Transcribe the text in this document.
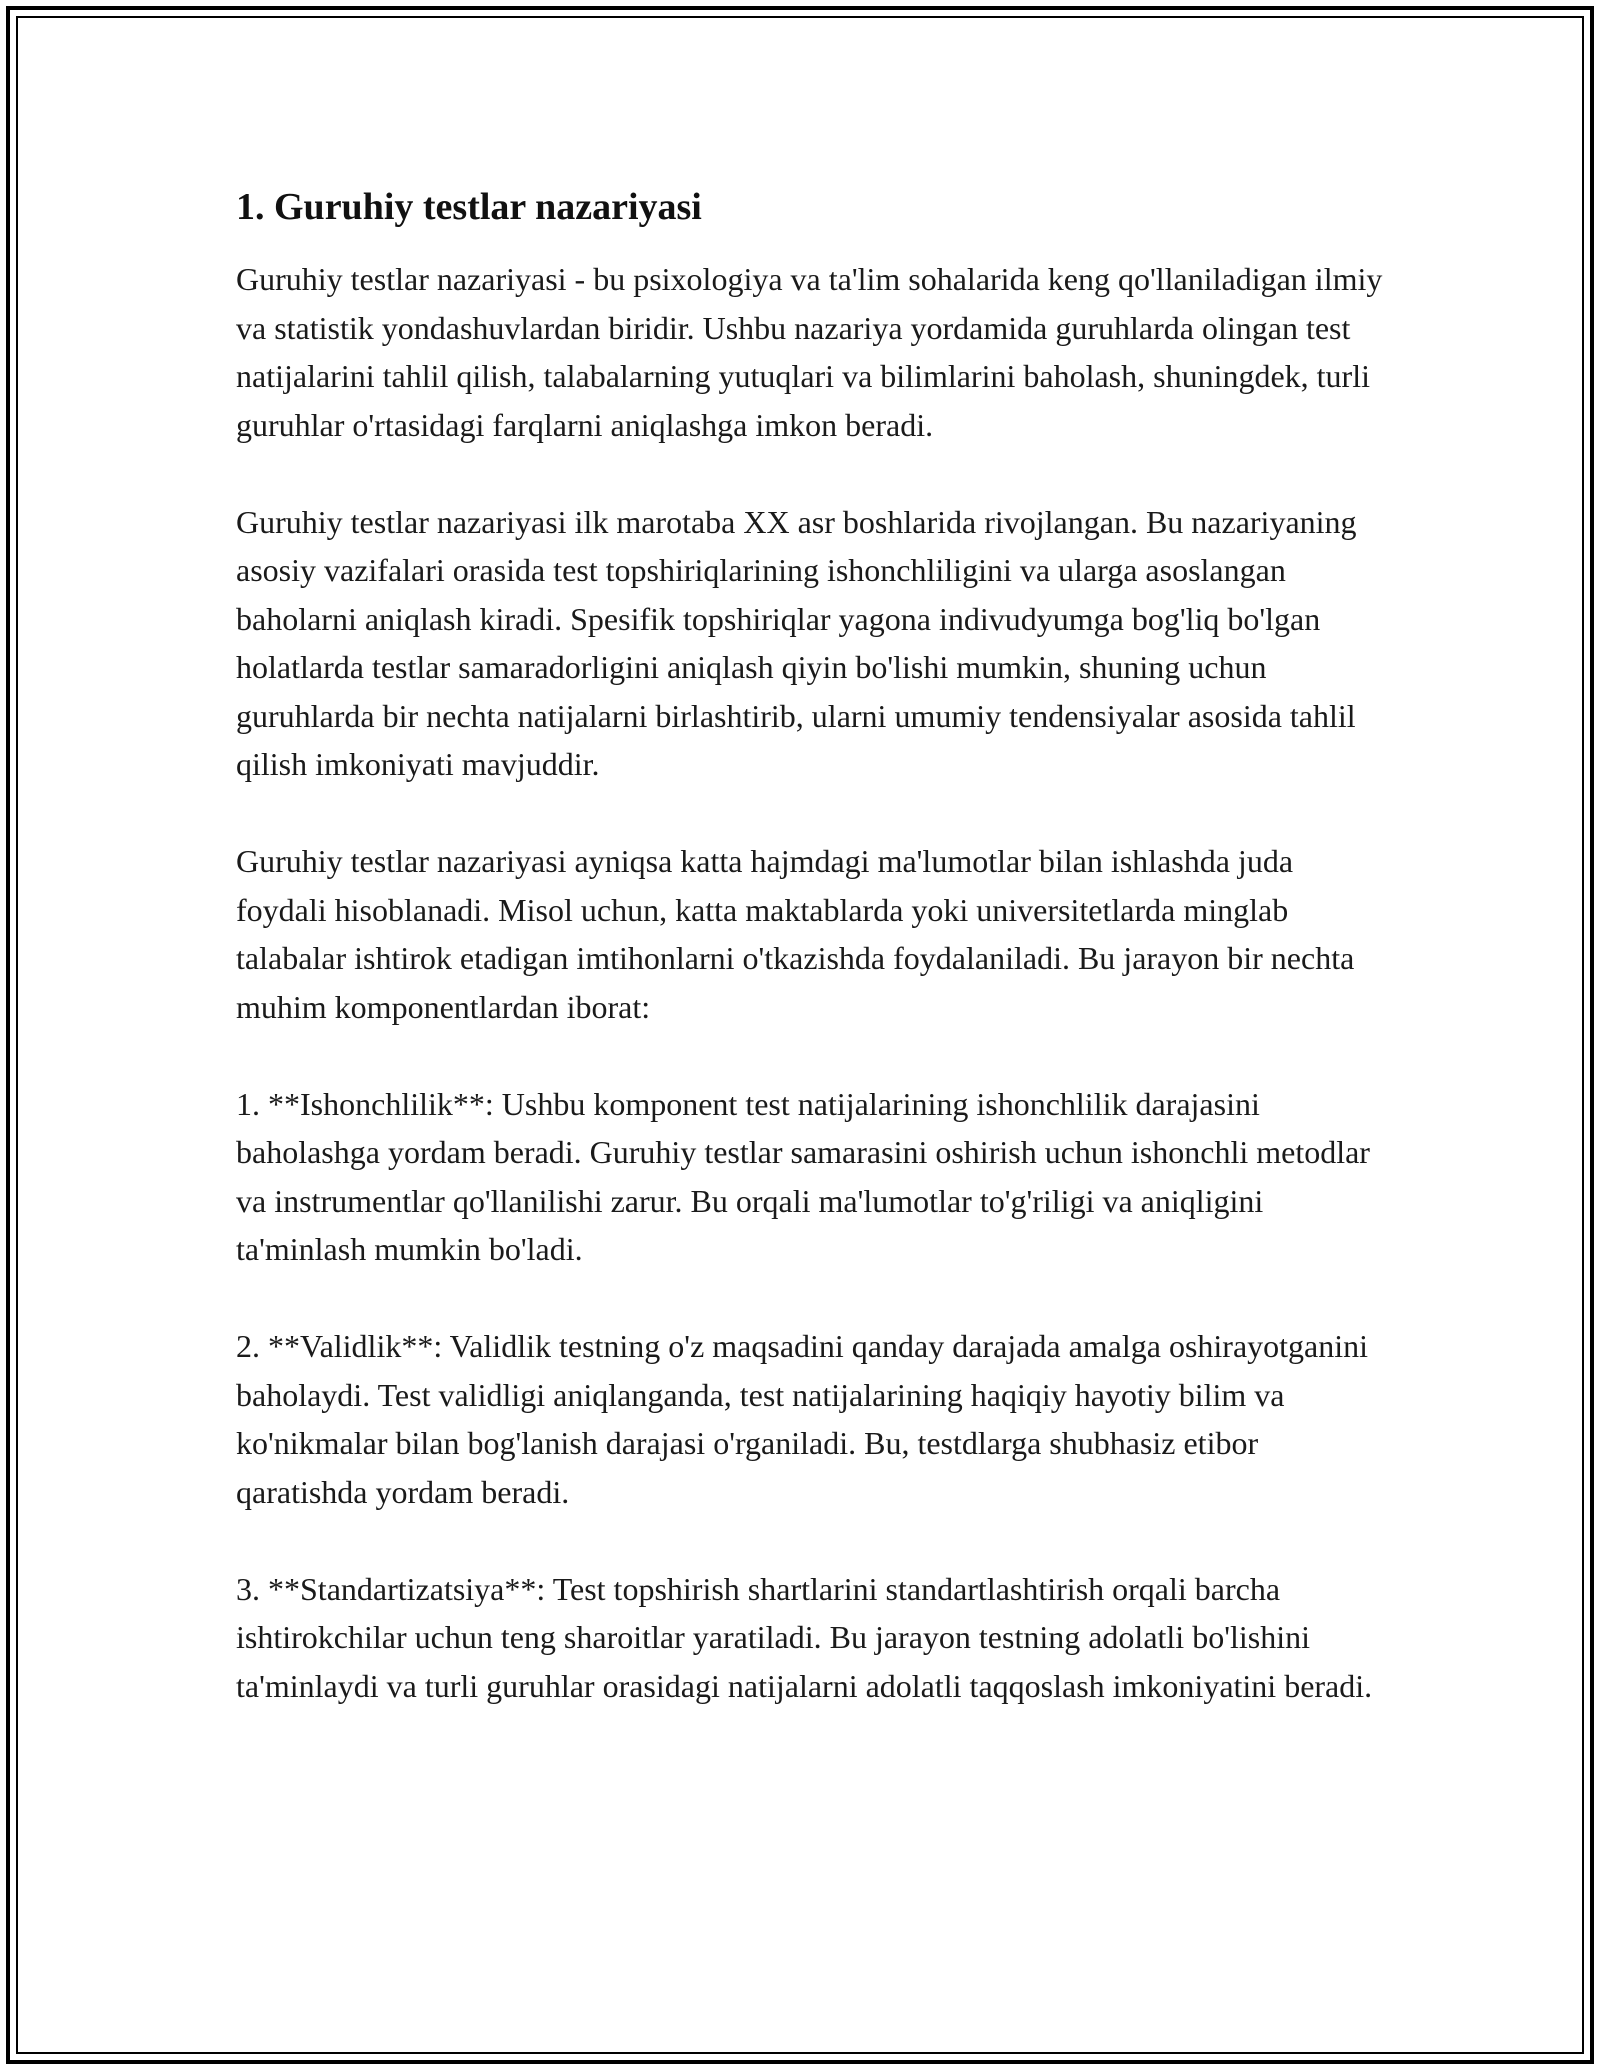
1. Guruhiy testlar nazariyasi

Guruhiy testlar nazariyasi - bu psixologiya va ta'lim sohalarida keng qo'llaniladigan ilmiy va statistik yondashuvlardan biridir. Ushbu nazariya yordamida guruhlarda olingan test natijalarini tahlil qilish, talabalarning yutuqlari va bilimlarini baholash, shuningdek, turli guruhlar o'rtasidagi farqlarni aniqlashga imkon beradi.

Guruhiy testlar nazariyasi ilk marotaba XX asr boshlarida rivojlangan. Bu nazariyaning asosiy vazifalari orasida test topshiriqlarining ishonchliligini va ularga asoslangan baholarni aniqlash kiradi. Spesifik topshiriqlar yagona indivudyumga bog'liq bo'lgan holatlarda testlar samaradorligini aniqlash qiyin bo'lishi mumkin, shuning uchun guruhlarda bir nechta natijalarni birlashtirib, ularni umumiy tendensiyalar asosida tahlil qilish imkoniyati mavjuddir.

Guruhiy testlar nazariyasi ayniqsa katta hajmdagi ma'lumotlar bilan ishlashda juda foydali hisoblanadi. Misol uchun, katta maktablarda yoki universitetlarda minglab talabalar ishtirok etadigan imtihonlarni o'tkazishda foydalaniladi. Bu jarayon bir nechta muhim komponentlardan iborat:

1. **Ishonchlilik**: Ushbu komponent test natijalarining ishonchlilik darajasini baholashga yordam beradi. Guruhiy testlar samarasini oshirish uchun ishonchli metodlar va instrumentlar qo'llanilishi zarur. Bu orqali ma'lumotlar to'g'riligi va aniqligini ta'minlash mumkin bo'ladi.

2. **Validlik**: Validlik testning o'z maqsadini qanday darajada amalga oshirayotganini baholaydi. Test validligi aniqlanganda, test natijalarining haqiqiy hayotiy bilim va ko'nikmalar bilan bog'lanish darajasi o'rganiladi. Bu, testdlarga shubhasiz etibor qaratishda yordam beradi.

3. **Standartizatsiya**: Test topshirish shartlarini standartlashtirish orqali barcha ishtirokchilar uchun teng sharoitlar yaratiladi. Bu jarayon testning adolatli bo'lishini ta'minlaydi va turli guruhlar orasidagi natijalarni adolatli taqqoslash imkoniyatini beradi.
